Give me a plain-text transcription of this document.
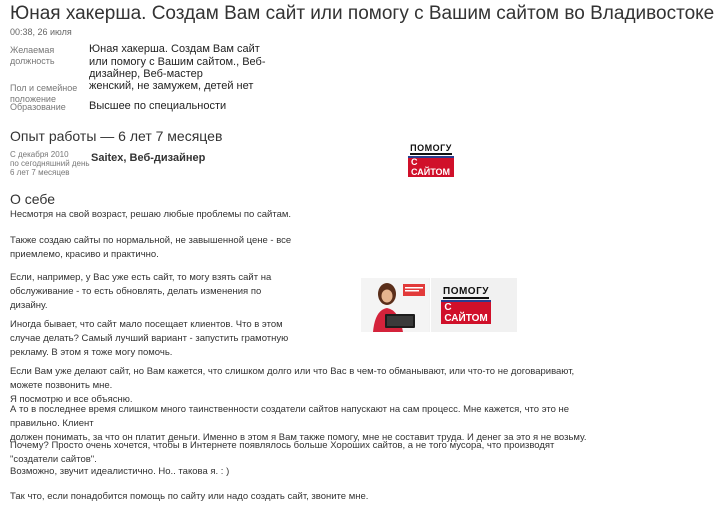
Юная хакерша. Создам Вам сайт или помогу с Вашим сайтом во Владивостоке
00:38, 26 июля
Желаемая должность
Юная хакерша. Создам Вам сайт или помогу с Вашим сайтом., Веб-дизайнер, Веб-мастер
Пол и семейное положение
женский, не замужем, детей нет
Образование	Высшее по специальности
Опыт работы — 6 лет 7 месяцев
С декабря 2010
по сегодняшний день
6 лет 7 месяцев
Saitex, Веб-дизайнер
ПОМОГУ
С САЙТОМ
О себе

Несмотря на свой возраст, решаю любые проблемы по сайтам.

Также создаю сайты по нормальной, не завышенной цене - все
приемлемо, красиво и практично.
Если, например, у Вас уже есть сайт, то могу взять сайт на
обслуживание - то есть обновлять, делать изменения по
дизайну.
Иногда бывает, что сайт мало посещает клиентов. Что в этом
случае делать? Самый лучший вариант - запустить грамотную
рекламу. В этом я тоже могу помочь.
ПОМОГУ
С САЙТОМ
Если Вам уже делают сайт, но Вам кажется, что слишком долго или что Вас в чем-то обманывают, или что-то не договаривают, можете позвонить мне.
Я посмотрю и все объясню.
А то в последнее время слишком много таинственности создатели сайтов напускают на сам процесс. Мне кажется, что это не правильно. Клиент
должен понимать, за что он платит деньги. Именно в этом я Вам также помогу, мне не составит труда. И денег за это я не возьму.

Почему? Просто очень хочется, чтобы в Интернете появлялось больше Хороших сайтов, а не того мусора, что производят "создатели сайтов".

Возможно, звучит идеалистично. Но.. такова я. : )

Так что, если понадобится помощь по сайту или надо создать сайт, звоните мне.
